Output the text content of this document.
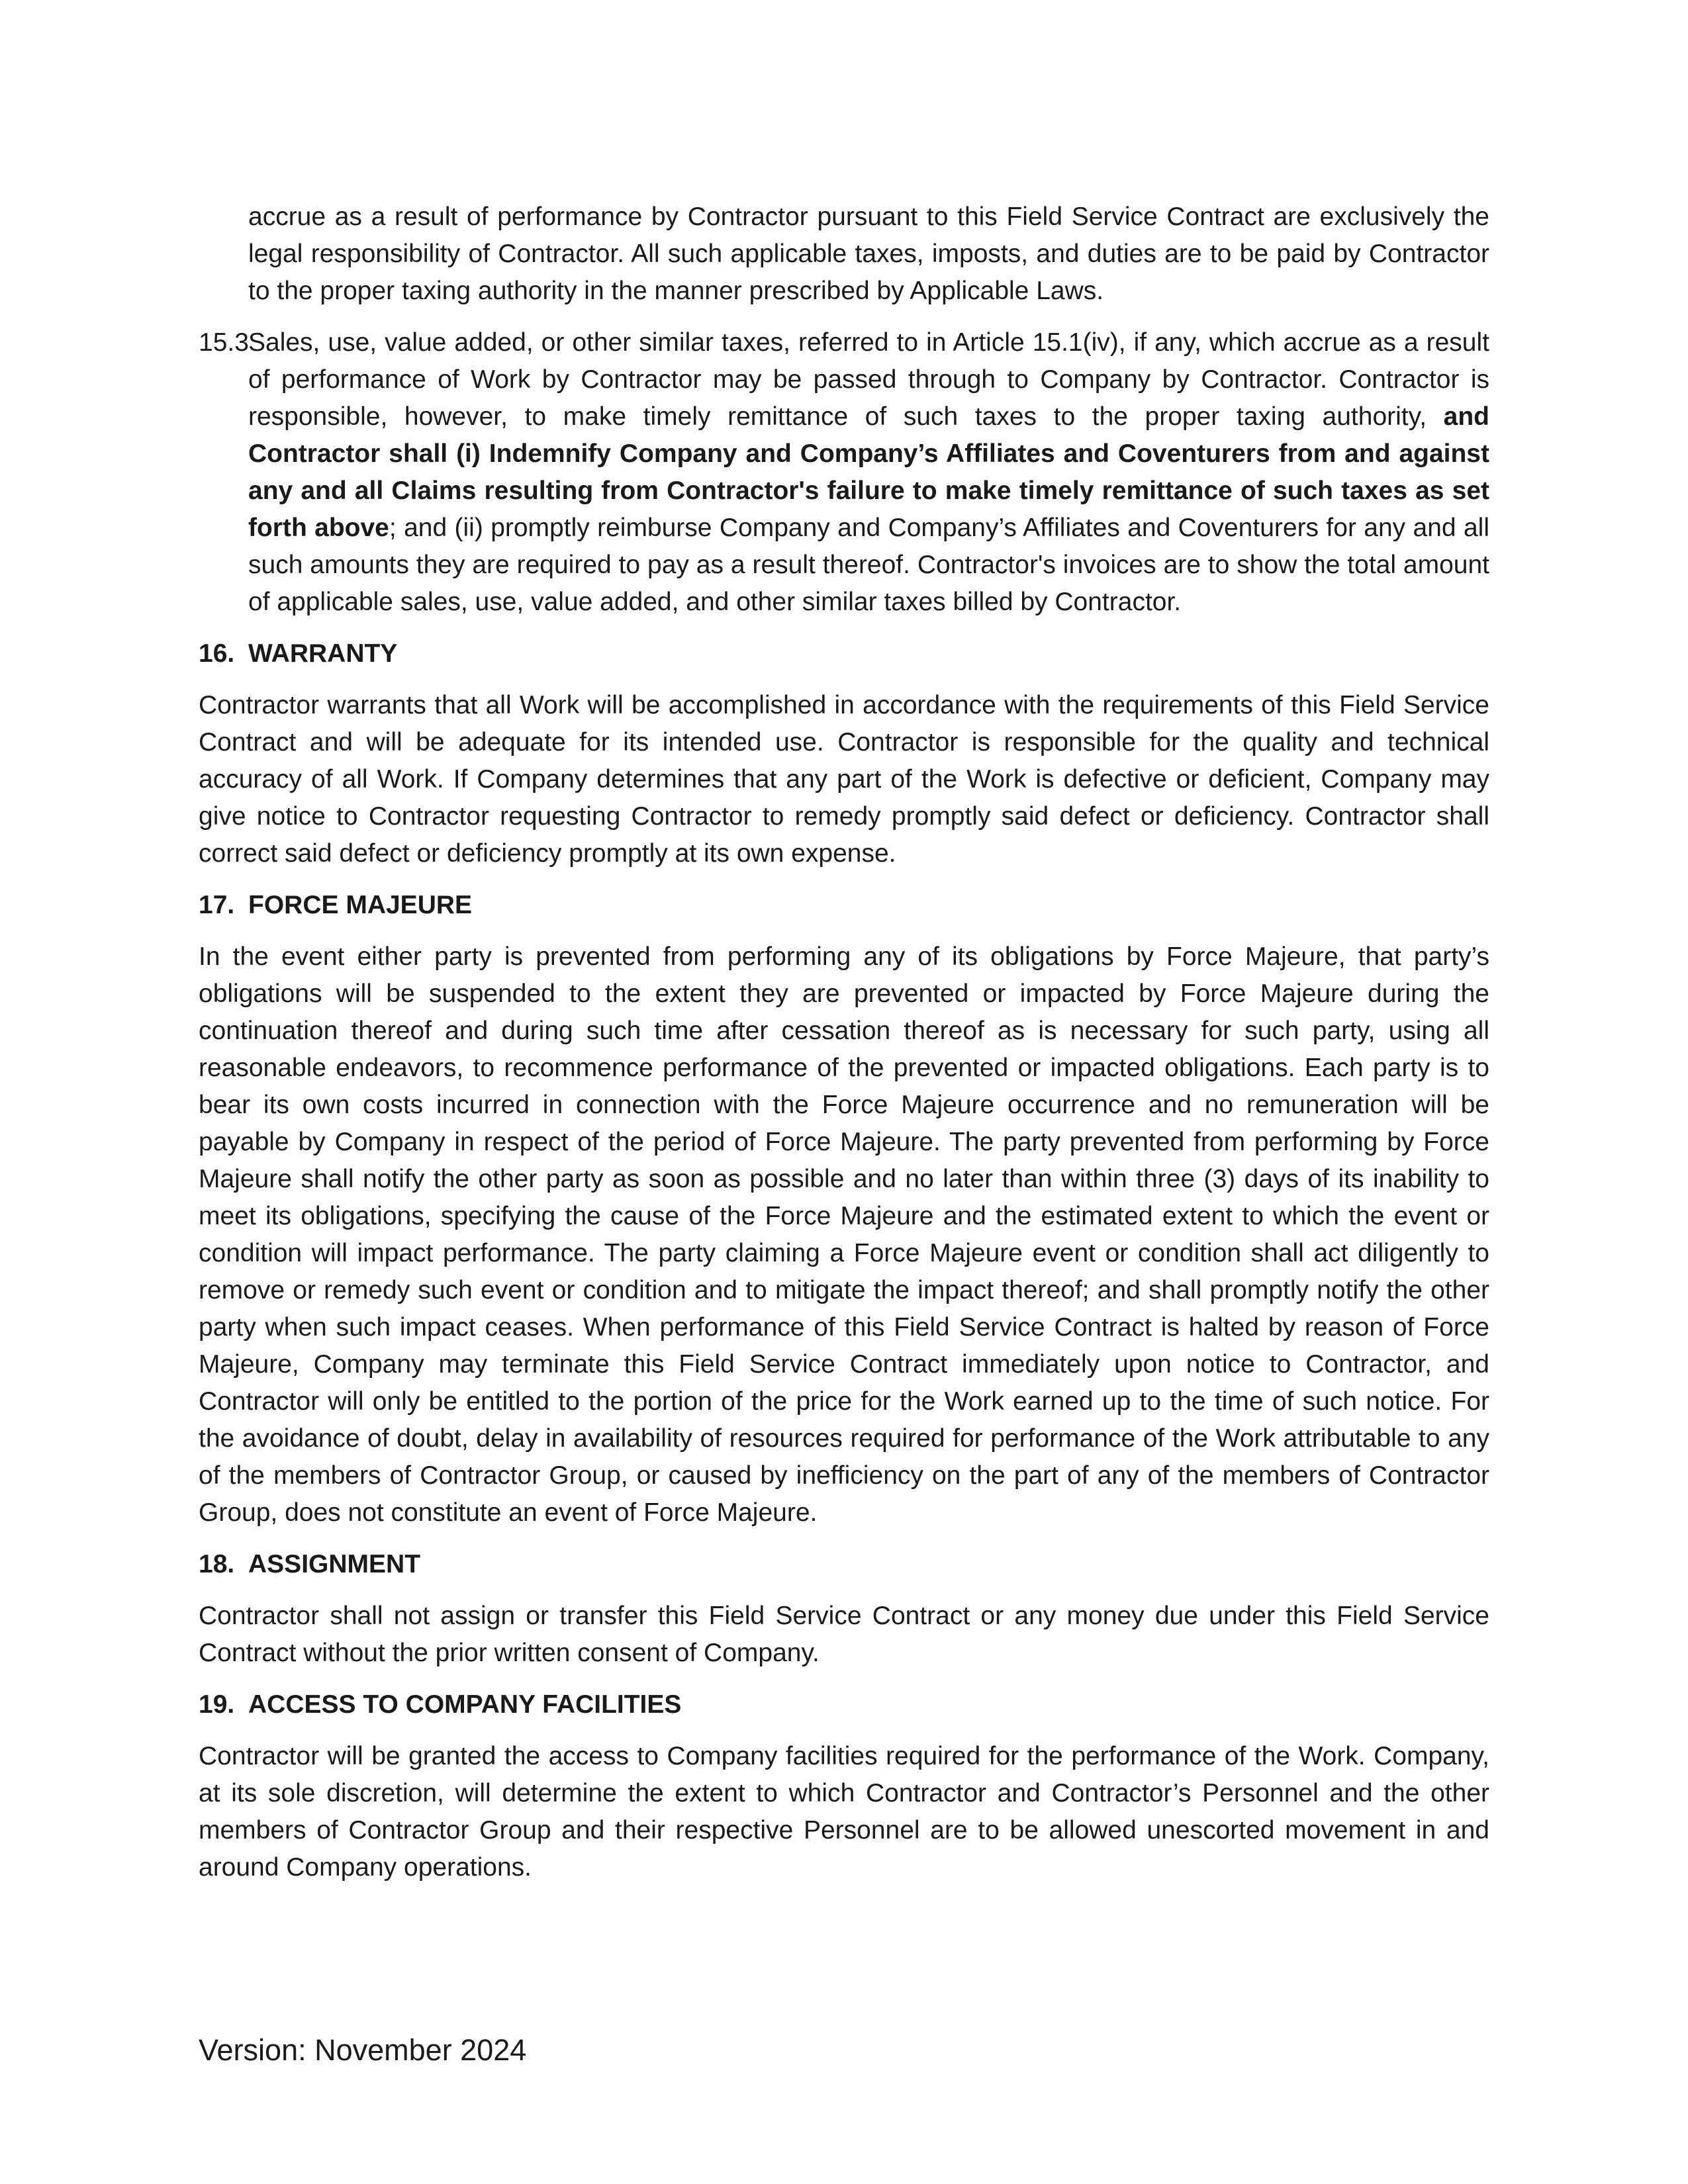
accrue as a result of performance by Contractor pursuant to this Field Service Contract are exclusively the legal responsibility of Contractor. All such applicable taxes, imposts, and duties are to be paid by Contractor to the proper taxing authority in the manner prescribed by Applicable Laws.

15.3Sales, use, value added, or other similar taxes, referred to in Article 15.1(iv), if any, which accrue as a result of performance of Work by Contractor may be passed through to Company by Contractor. Contractor is responsible, however, to make timely remittance of such taxes to the proper taxing authority, and Contractor shall (i) Indemnify Company and Company’s Affiliates and Coventurers from and against any and all Claims resulting from Contractor's failure to make timely remittance of such taxes as set forth above; and (ii) promptly reimburse Company and Company’s Affiliates and Coventurers for any and all such amounts they are required to pay as a result thereof. Contractor's invoices are to show the total amount of applicable sales, use, value added, and other similar taxes billed by Contractor.

16. WARRANTY

Contractor warrants that all Work will be accomplished in accordance with the requirements of this Field Service Contract and will be adequate for its intended use. Contractor is responsible for the quality and technical accuracy of all Work. If Company determines that any part of the Work is defective or deficient, Company may give notice to Contractor requesting Contractor to remedy promptly said defect or deficiency. Contractor shall correct said defect or deficiency promptly at its own expense.

17. FORCE MAJEURE

In the event either party is prevented from performing any of its obligations by Force Majeure, that party’s obligations will be suspended to the extent they are prevented or impacted by Force Majeure during the continuation thereof and during such time after cessation thereof as is necessary for such party, using all reasonable endeavors, to recommence performance of the prevented or impacted obligations. Each party is to bear its own costs incurred in connection with the Force Majeure occurrence and no remuneration will be payable by Company in respect of the period of Force Majeure. The party prevented from performing by Force Majeure shall notify the other party as soon as possible and no later than within three (3) days of its inability to meet its obligations, specifying the cause of the Force Majeure and the estimated extent to which the event or condition will impact performance. The party claiming a Force Majeure event or condition shall act diligently to remove or remedy such event or condition and to mitigate the impact thereof; and shall promptly notify the other party when such impact ceases. When performance of this Field Service Contract is halted by reason of Force Majeure, Company may terminate this Field Service Contract immediately upon notice to Contractor, and Contractor will only be entitled to the portion of the price for the Work earned up to the time of such notice. For the avoidance of doubt, delay in availability of resources required for performance of the Work attributable to any of the members of Contractor Group, or caused by inefficiency on the part of any of the members of Contractor Group, does not constitute an event of Force Majeure.

18. ASSIGNMENT

Contractor shall not assign or transfer this Field Service Contract or any money due under this Field Service Contract without the prior written consent of Company.

19. ACCESS TO COMPANY FACILITIES

Contractor will be granted the access to Company facilities required for the performance of the Work. Company, at its sole discretion, will determine the extent to which Contractor and Contractor’s Personnel and the other members of Contractor Group and their respective Personnel are to be allowed unescorted movement in and around Company operations.

Version: November 2024
